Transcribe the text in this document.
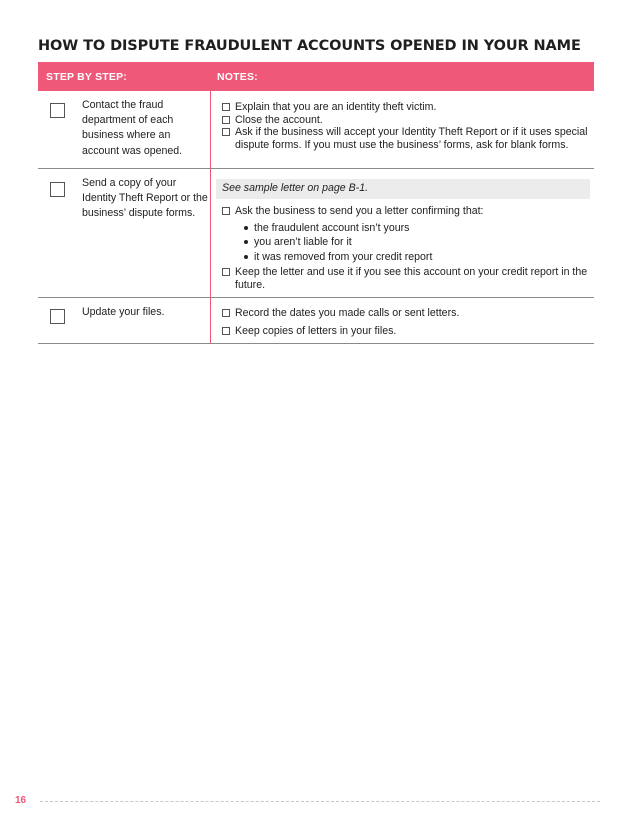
HOW TO DISPUTE FRAUDULENT ACCOUNTS OPENED IN YOUR NAME
STEP BY STEP:	NOTES:
Contact the fraud department of each business where an account was opened.

Explain that you are an identity theft victim.

Close the account.

Ask if the business will accept your Identity Theft Report or if it uses special dispute forms. If you must use the business’ forms, ask for blank forms.

Send a copy of your Identity Theft Report or the business’ dispute forms.
See sample letter on page B-1.

Ask the business to send you a letter confirming that:

the fraudulent account isn’t yours
you aren’t liable for it
it was removed from your credit report

Keep the letter and use it if you see this account on your credit report in the future.

Update your files.	Record the dates you made calls or sent letters.

Keep copies of letters in your files.

16
